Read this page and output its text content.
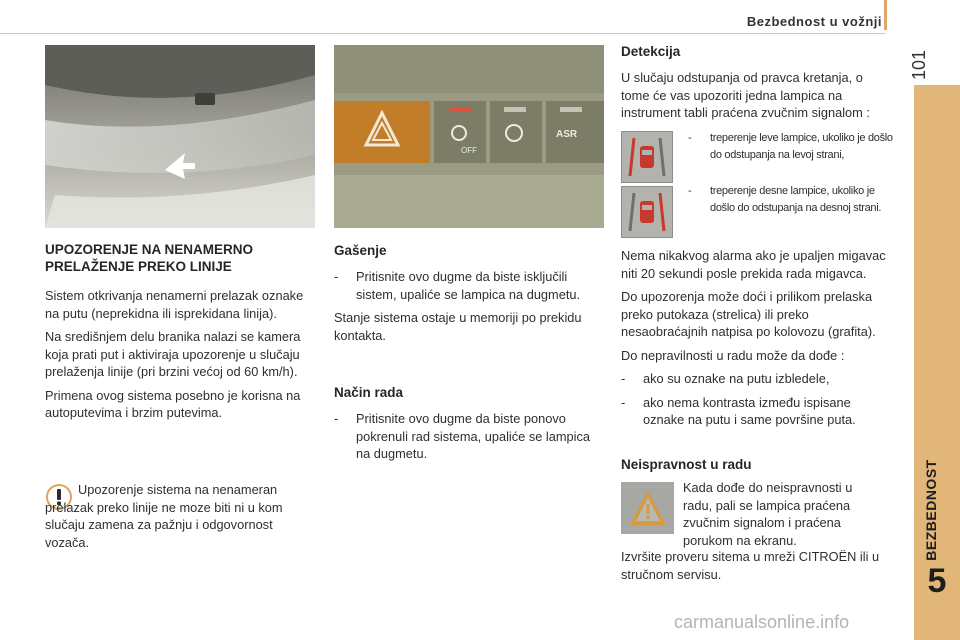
Bezbednost u vožnji
101
BEZBEDNOST
5
OFF
ASR

UPOZORENJE NA NENAMERNO PRELAŽENJE PREKO LINIJE

Sistem otkrivanja nenamerni prelazak oznake na putu (neprekidna ili isprekidana linija).

Na središnjem delu branika nalazi se kamera koja prati put i aktiviraja upozorenje u slučaju prelaženja linije (pri brzini većoj od 60 km/h).

Primena ovog sistema posebno je korisna na autoputevima i brzim putevima.

Upozorenje sistema na nenameran prelazak preko linije ne moze biti ni u kom slučaju zamena za pažnju i odgovornost vozača.

Gašenje

-	Pritisnite ovo dugme da biste isključili sistem, upaliće se lampica na dugmetu.

Stanje sistema ostaje u memoriji po prekidu kontakta.

Način rada

-	Pritisnite ovo dugme da biste ponovo pokrenuli rad sistema, upaliće se lampica na dugmetu.

Detekcija

U slučaju odstupanja od pravca kretanja, o tome će vas upozoriti jedna lampica na instrument tabli praćena zvučnim signalom :

-	treperenje leve lampice, ukoliko je došlo do odstupanja na levoj strani,
-	treperenje desne lampice, ukoliko je došlo do odstupanja na desnoj strani.

Nema nikakvog alarma ako je upaljen migavac niti 20 sekundi posle prekida rada migavca.

Do upozorenja može doći i prilikom prelaska preko putokaza (strelica) ili preko nesaobraćajnih natpisa po kolovozu (grafita).

Do nepravilnosti u radu može da dođe :

-	ako su oznake na putu izbledele,
-	ako nema kontrasta između ispisane oznake na putu i same površine puta.

Neispravnost u radu

Kada dođe do neispravnosti u radu, pali se lampica praćena zvučnim signalom i praćena porukom na ekranu.

Izvršite proveru sitema u mreži CITROËN ili u stručnom servisu.

carmanualsonline.info
